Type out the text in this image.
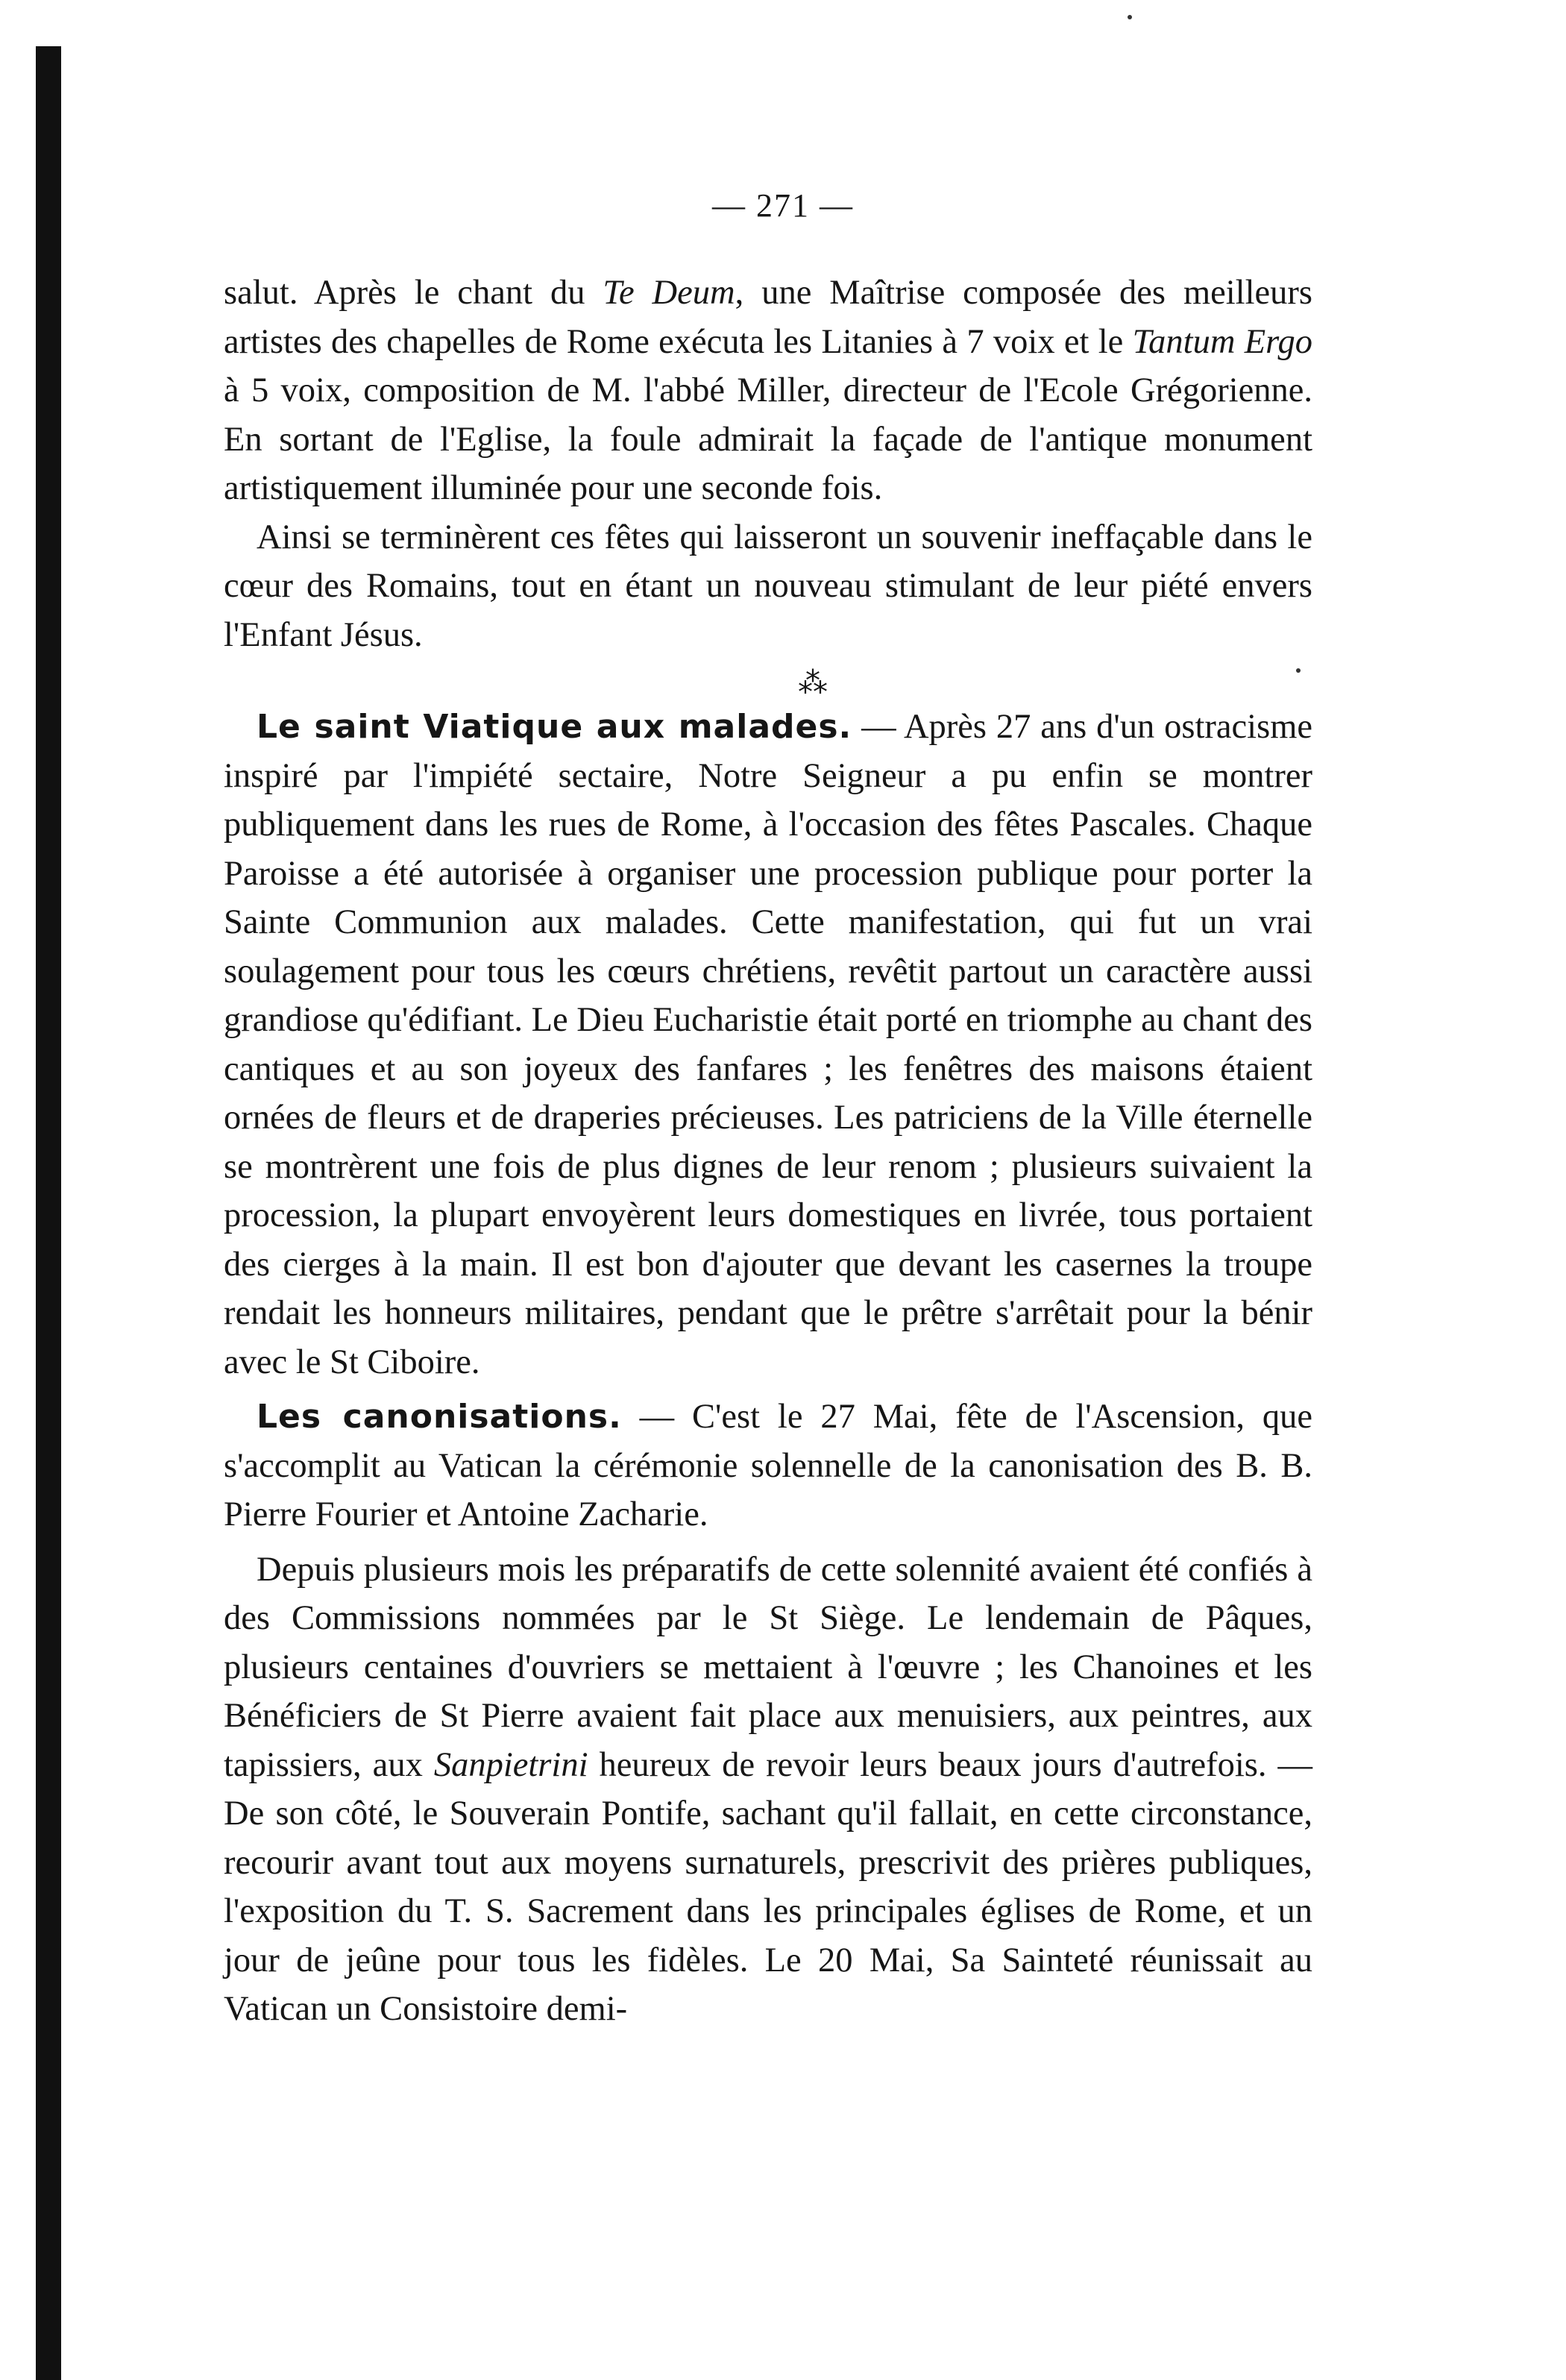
— 271 —

salut. Après le chant du Te Deum, une Maîtrise composée des meilleurs artistes des chapelles de Rome exécuta les Litanies à 7 voix et le Tantum Ergo à 5 voix, composition de M. l'abbé Miller, directeur de l'Ecole Grégorienne. En sortant de l'Eglise, la foule admirait la façade de l'antique monument artistiquement illuminée pour une seconde fois.

Ainsi se terminèrent ces fêtes qui laisseront un souvenir ineffaçable dans le cœur des Romains, tout en étant un nouveau stimulant de leur piété envers l'Enfant Jésus.

⁂

Le saint Viatique aux malades. — Après 27 ans d'un ostracisme inspiré par l'impiété sectaire, Notre Seigneur a pu enfin se montrer publiquement dans les rues de Rome, à l'occasion des fêtes Pascales. Chaque Paroisse a été autorisée à organiser une procession publique pour porter la Sainte Communion aux malades. Cette manifestation, qui fut un vrai soulagement pour tous les cœurs chrétiens, revêtit partout un caractère aussi grandiose qu'édifiant. Le Dieu Eucharistie était porté en triomphe au chant des cantiques et au son joyeux des fanfares ; les fenêtres des maisons étaient ornées de fleurs et de draperies précieuses. Les patriciens de la Ville éternelle se montrèrent une fois de plus dignes de leur renom ; plusieurs suivaient la procession, la plupart envoyèrent leurs domestiques en livrée, tous portaient des cierges à la main. Il est bon d'ajouter que devant les casernes la troupe rendait les honneurs militaires, pendant que le prêtre s'arrêtait pour la bénir avec le St Ciboire.

Les canonisations. — C'est le 27 Mai, fête de l'Ascension, que s'accomplit au Vatican la cérémonie solennelle de la canonisation des B. B. Pierre Fourier et Antoine Zacharie.

Depuis plusieurs mois les préparatifs de cette solennité avaient été confiés à des Commissions nommées par le St Siège. Le lendemain de Pâques, plusieurs centaines d'ouvriers se mettaient à l'œuvre ; les Chanoines et les Bénéficiers de St Pierre avaient fait place aux menuisiers, aux peintres, aux tapissiers, aux Sanpietrini heureux de revoir leurs beaux jours d'autrefois. — De son côté, le Souverain Pontife, sachant qu'il fallait, en cette circonstance, recourir avant tout aux moyens surnaturels, prescrivit des prières publiques, l'exposition du T. S. Sacrement dans les principales églises de Rome, et un jour de jeûne pour tous les fidèles. Le 20 Mai, Sa Sainteté réunissait au Vatican un Consistoire demi-
